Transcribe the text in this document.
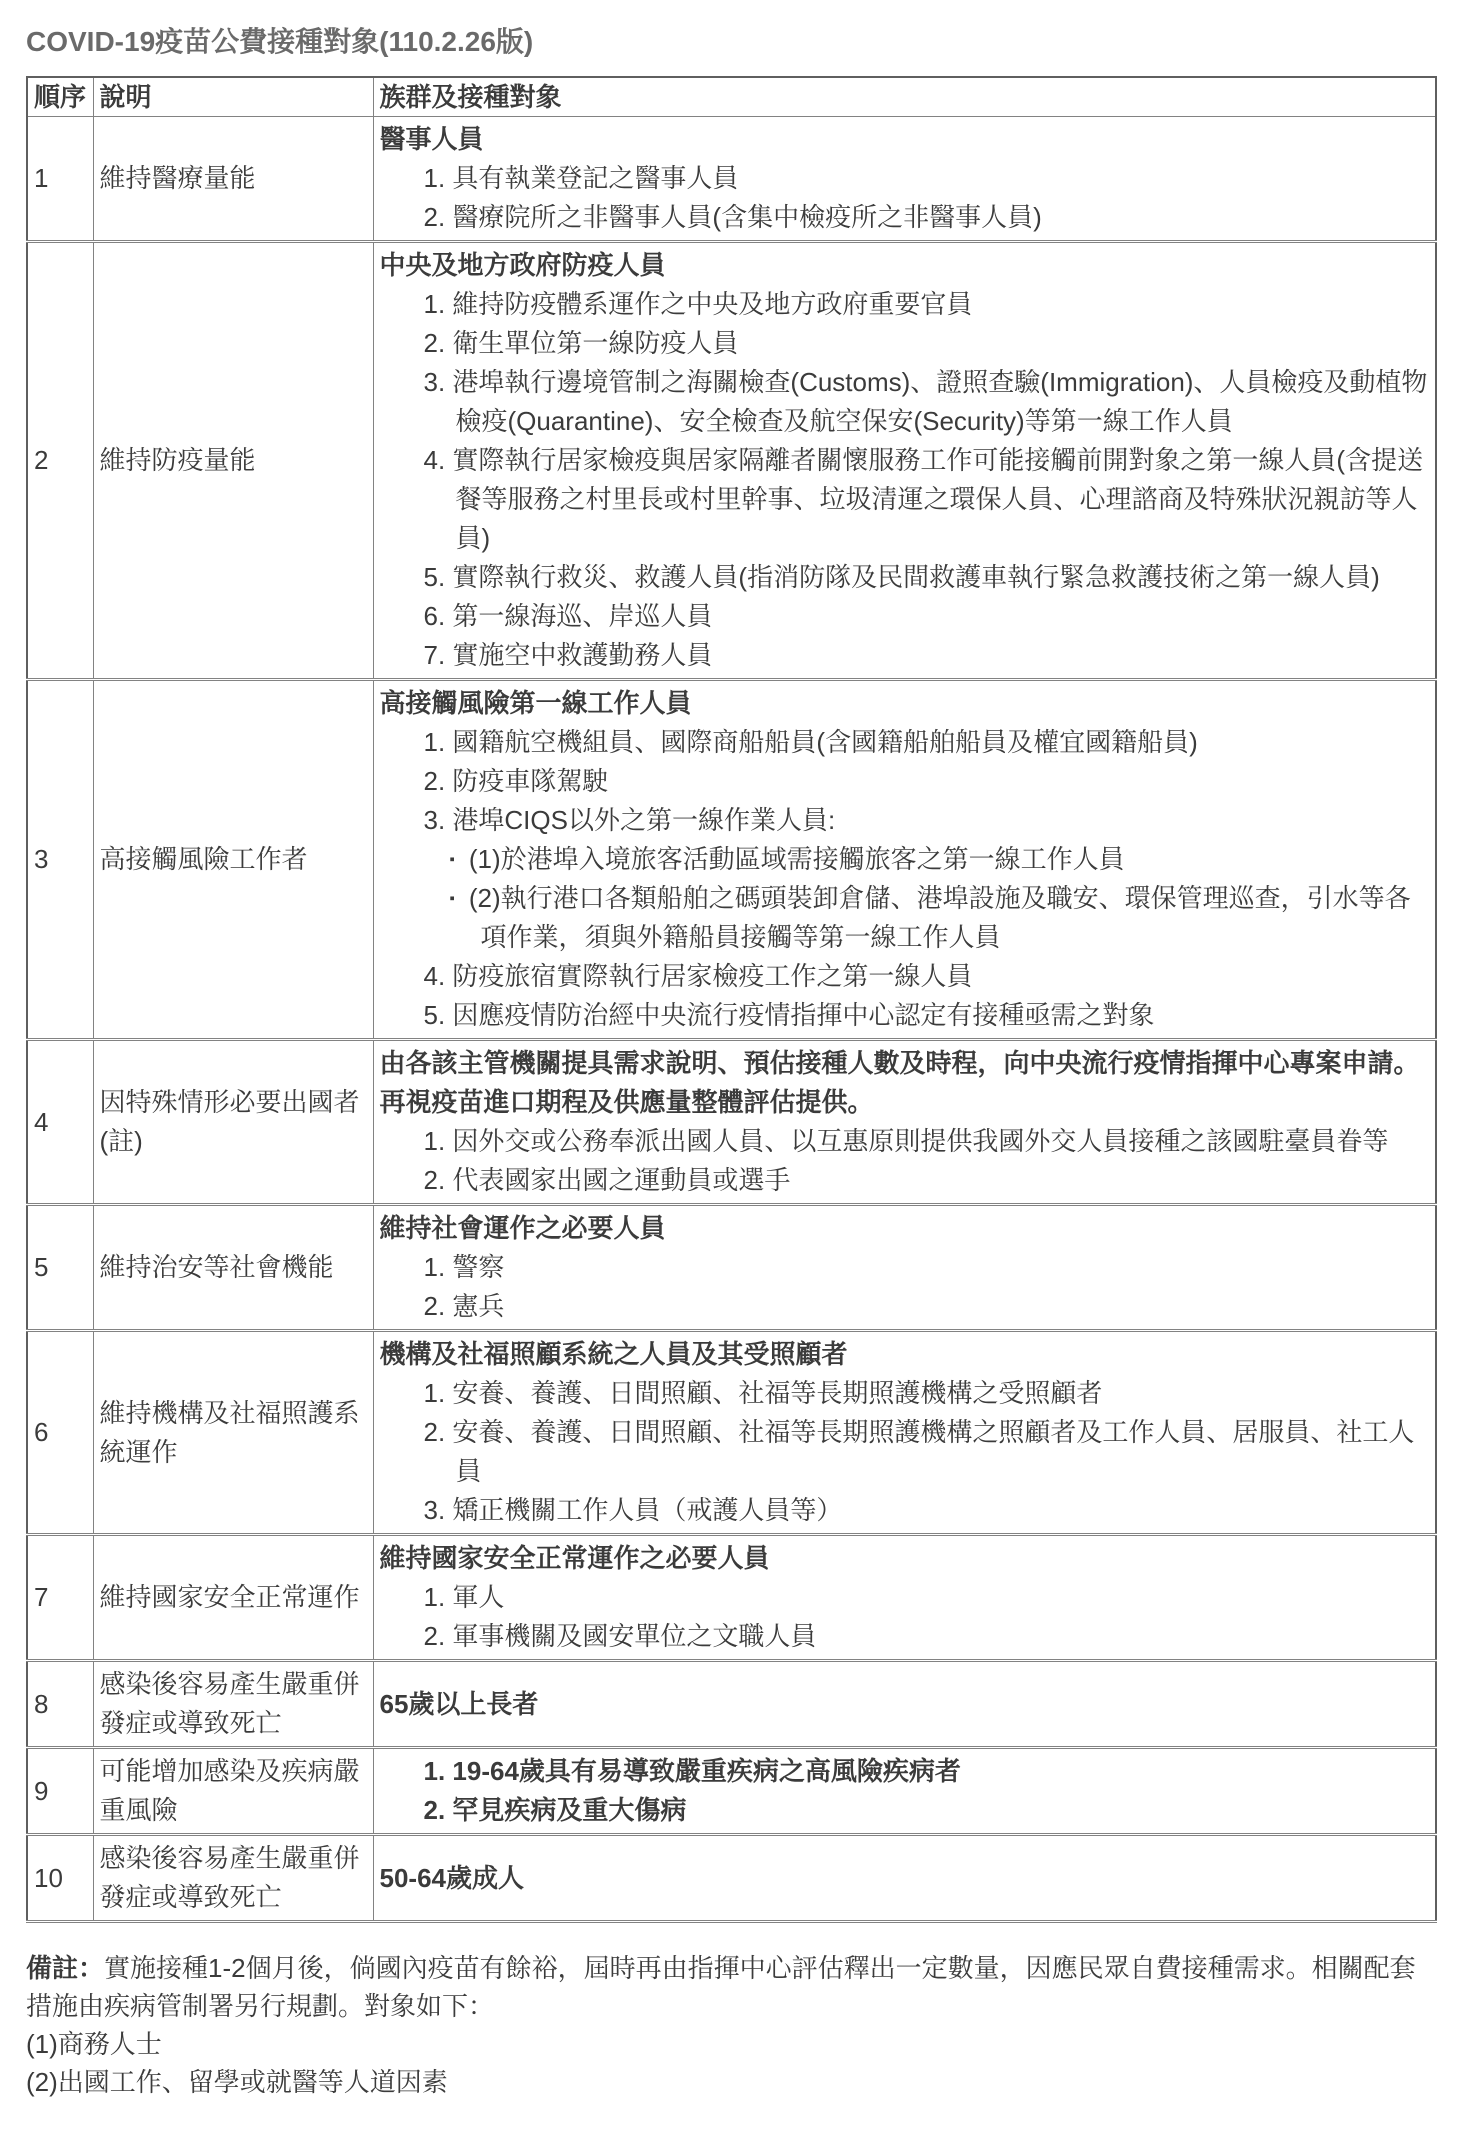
COVID-19疫苗公費接種對象(110.2.26版)
順序	說明	族群及接種對象
1	維持醫療量能	醫事人員
1. 具有執業登記之醫事人員
2. 醫療院所之非醫事人員(含集中檢疫所之非醫事人員)

2	維持防疫量能	
中央及地方政府防疫人員
1. 維持防疫體系運作之中央及地方政府重要官員
2. 衛生單位第一線防疫人員
3. 港埠執行邊境管制之海關檢查(Customs)、證照查驗(Immigration)、人員檢疫及動植物檢疫(Quarantine)、安全檢查及航空保安(Security)等第一線工作人員
4. 實際執行居家檢疫與居家隔離者關懷服務工作可能接觸前開對象之第一線人員(含提送餐等服務之村里長或村里幹事、垃圾清運之環保人員、心理諮商及特殊狀況親訪等人員)
5. 實際執行救災、救護人員(指消防隊及民間救護車執行緊急救護技術之第一線人員)
6. 第一線海巡、岸巡人員
7. 實施空中救護勤務人員

3	高接觸風險工作者	
高接觸風險第一線工作人員
1. 國籍航空機組員、國際商船船員(含國籍船舶船員及權宜國籍船員)
2. 防疫車隊駕駛
3. 港埠CIQS以外之第一線作業人員:
▪ (1)於港埠入境旅客活動區域需接觸旅客之第一線工作人員
▪ (2)執行港口各類船舶之碼頭裝卸倉儲、港埠設施及職安、環保管理巡查，引水等各項作業，須與外籍船員接觸等第一線工作人員
4. 防疫旅宿實際執行居家檢疫工作之第一線人員
5. 因應疫情防治經中央流行疫情指揮中心認定有接種亟需之對象

4	因特殊情形必要出國者(註)	由各該主管機關提具需求說明、預估接種人數及時程，向中央流行疫情指揮中心專案申請。再視疫苗進口期程及供應量整體評估提供。
1. 因外交或公務奉派出國人員、以互惠原則提供我國外交人員接種之該國駐臺員眷等
2. 代表國家出國之運動員或選手

5	維持治安等社會機能	維持社會運作之必要人員
1. 警察
2. 憲兵

6	維持機構及社福照護系統運作	機構及社福照顧系統之人員及其受照顧者
1. 安養、養護、日間照顧、社福等長期照護機構之受照顧者
2. 安養、養護、日間照顧、社福等長期照護機構之照顧者及工作人員、居服員、社工人員
3. 矯正機關工作人員（戒護人員等）

7	維持國家安全正常運作	維持國家安全正常運作之必要人員
1. 軍人
2. 軍事機關及國安單位之文職人員

8	感染後容易產生嚴重併發症或導致死亡	65歲以上長者

9	可能增加感染及疾病嚴重風險	1. 19-64歲具有易導致嚴重疾病之高風險疾病者
2. 罕見疾病及重大傷病

10	感染後容易產生嚴重併發症或導致死亡	50-64歲成人

備註：實施接種1-2個月後，倘國內疫苗有餘裕，屆時再由指揮中心評估釋出一定數量，因應民眾自費接種需求。相關配套措施由疾病管制署另行規劃。對象如下：

(1)商務人士

(2)出國工作、留學或就醫等人道因素
